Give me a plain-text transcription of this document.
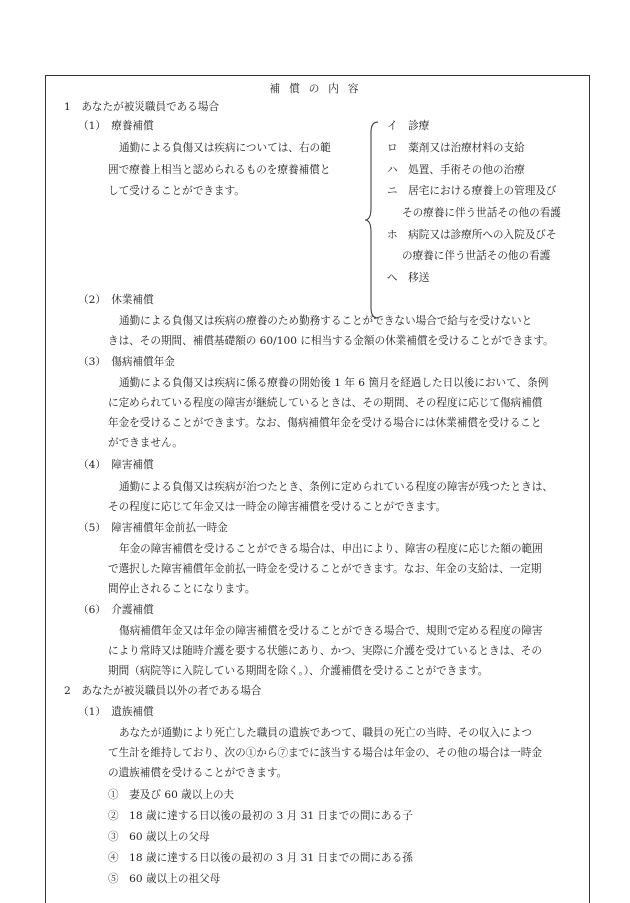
補償の内容
1　あなたが被災職員である場合
（1）　療養補償
通勤による負傷又は疾病については、右の範
囲で療養上相当と認められるものを療養補償と
して受けることができます。
イ　診療
ロ　薬剤又は治療材料の支給
ハ　処置、手術その他の治療
ニ　居宅における療養上の管理及び
その療養に伴う世話その他の看護
ホ　病院又は診療所への入院及びそ
の療養に伴う世話その他の看護
へ　移送
（2）　休業補償
通勤による負傷又は疾病の療養のため勤務することができない場合で給与を受けないと
きは、その期間、補償基礎額の 60/100 に相当する金額の休業補償を受けることができます。
（3）　傷病補償年金
通勤による負傷又は疾病に係る療養の開始後 1 年 6 箇月を経過した日以後において、条例
に定められている程度の障害が継続しているときは、その期間、その程度に応じて傷病補償
年金を受けることができます。なお、傷病補償年金を受ける場合には休業補償を受けること
ができません。
（4）　障害補償
通勤による負傷又は疾病が治つたとき、条例に定められている程度の障害が残つたときは、
その程度に応じて年金又は一時金の障害補償を受けることができます。
（5）　障害補償年金前払一時金
年金の障害補償を受けることができる場合は、申出により、障害の程度に応じた額の範囲
で選択した障害補償年金前払一時金を受けることができます。なお、年金の支給は、一定期
間停止されることになります。
（6）　介護補償
傷病補償年金又は年金の障害補償を受けることができる場合で、規則で定める程度の障害
により常時又は随時介護を要する状態にあり、かつ、実際に介護を受けているときは、その
期間（病院等に入院している期間を除く。）、介護補償を受けることができます。
2　あなたが被災職員以外の者である場合
（1）　遺族補償
あなたが通勤により死亡した職員の遺族であつて、職員の死亡の当時、その収入によつ
て生計を維持しており、次の①から⑦までに該当する場合は年金の、その他の場合は一時金
の遺族補償を受けることができます。
①　妻及び 60 歳以上の夫
②　18 歳に達する日以後の最初の 3 月 31 日までの間にある子
③　60 歳以上の父母
④　18 歳に達する日以後の最初の 3 月 31 日までの間にある孫
⑤　60 歳以上の祖父母
